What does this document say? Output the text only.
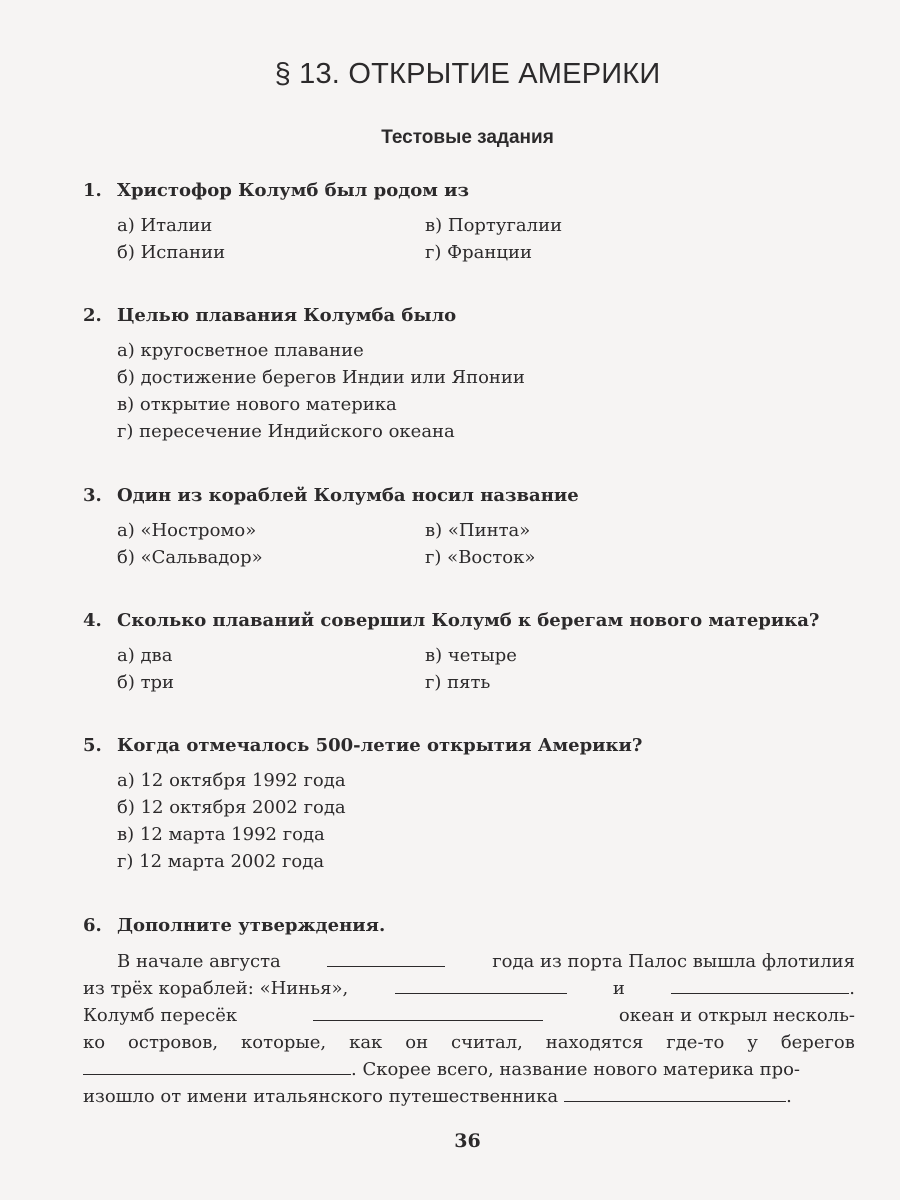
§ 13. ОТКРЫТИЕ АМЕРИКИ
Тестовые задания
1. Христофор Колумб был родом из
а) Италии	в) Португалии
б) Испании	г) Франции
2. Целью плавания Колумба было
а) кругосветное плавание
б) достижение берегов Индии или Японии
в) открытие нового материка
г) пересечение Индийского океана
3. Один из кораблей Колумба носил название
а) «Ностромо»	в) «Пинта»
б) «Сальвадор»	г) «Восток»
4. Сколько плаваний совершил Колумб к берегам нового материка?
а) два	в) четыре
б) три	г) пять
5. Когда отмечалось 500-летие открытия Америки?
а) 12 октября 1992 года
б) 12 октября 2002 года
в) 12 марта 1992 года
г) 12 марта 2002 года
6. Дополните утверждения.
В начале августа	года из порта Палос вышла флотилия
из трёх кораблей: «Нинья»,	и	.
Колумб пересёк	океан и открыл несколь-
ко островов, которые, как он считал, находятся где-то у берегов
. Скорее всего, название нового материка про-
изошло от имени итальянского путешественника	.
36
